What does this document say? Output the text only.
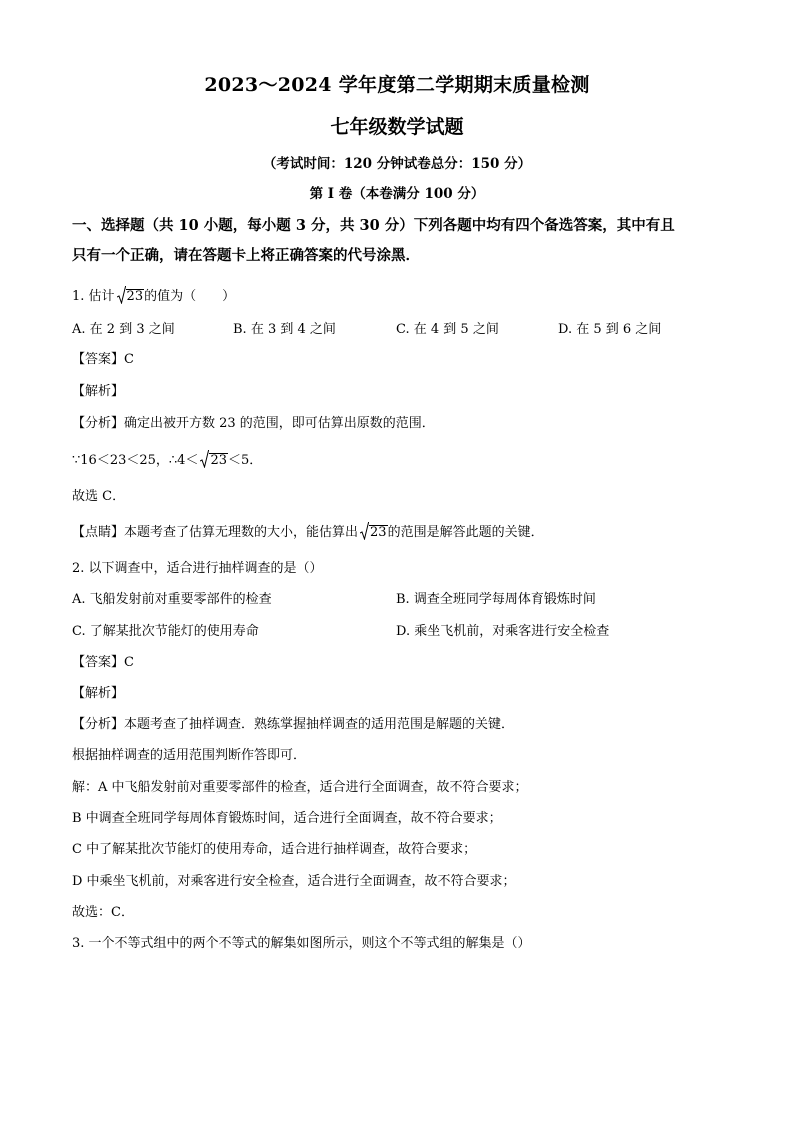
2023～2024 学年度第二学期期末质量检测
七年级数学试题
（考试时间：120 分钟试卷总分：150 分）
第 I 卷（本卷满分 100 分）
一、选择题（共 10 小题，每小题 3 分，共 30 分）下列各题中均有四个备选答案，其中有且
只有一个正确，请在答题卡上将正确答案的代号涂黑．
1. 估计 23的值为（　　）
A. 在 2 到 3 之间	B. 在 3 到 4 之间	C. 在 4 到 5 之间	D. 在 5 到 6 之间
【答案】C
【解析】
【分析】确定出被开方数 23 的范围，即可估算出原数的范围．
∵16＜23＜25，∴4＜ 23＜5．
故选 C．
【点睛】本题考查了估算无理数的大小，能估算出 23的范围是解答此题的关键．
2. 以下调查中，适合进行抽样调查的是（）
A. 飞船发射前对重要零部件的检查	B. 调查全班同学每周体育锻炼时间
C. 了解某批次节能灯的使用寿命	D. 乘坐飞机前，对乘客进行安全检查
【答案】C
【解析】
【分析】本题考查了抽样调查．熟练掌握抽样调查的适用范围是解题的关键．
根据抽样调查的适用范围判断作答即可．
解：A 中飞船发射前对重要零部件的检查，适合进行全面调查，故不符合要求；
B 中调查全班同学每周体育锻炼时间，适合进行全面调查，故不符合要求；
C 中了解某批次节能灯的使用寿命，适合进行抽样调查，故符合要求；
D 中乘坐飞机前，对乘客进行安全检查，适合进行全面调查，故不符合要求；
故选：C．
3. 一个不等式组中的两个不等式的解集如图所示，则这个不等式组的解集是（）
